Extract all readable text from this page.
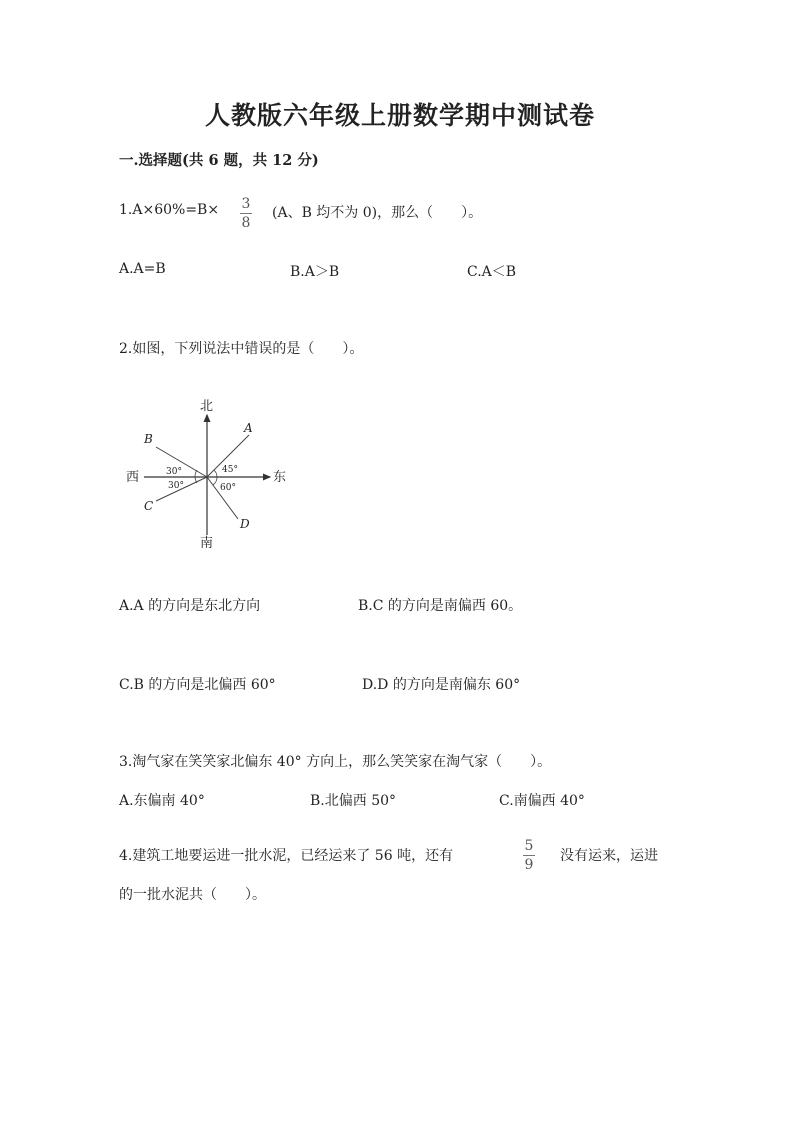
人教版六年级上册数学期中测试卷
一.选择题(共 6 题，共 12 分)
1.A×60%=B× 3
8
(A、B 均不为 0)，那么（　　）。
A.A=B	B.A＞B	C.A＜B
2.如图，下列说法中错误的是（　　）。
北
南
东
西
A
B
C
D
30°
30°
45°
60°
A.A 的方向是东北方向	B.C 的方向是南偏西 60。
C.B 的方向是北偏西 60°	D.D 的方向是南偏东 60°
3.淘气家在笑笑家北偏东 40° 方向上，那么笑笑家在淘气家（　　）。
A.东偏南 40°	B.北偏西 50°	C.南偏西 40°
4.建筑工地要运进一批水泥，已经运来了 56 吨，还有
5
9
没有运来，运进
的一批水泥共（　　）。
